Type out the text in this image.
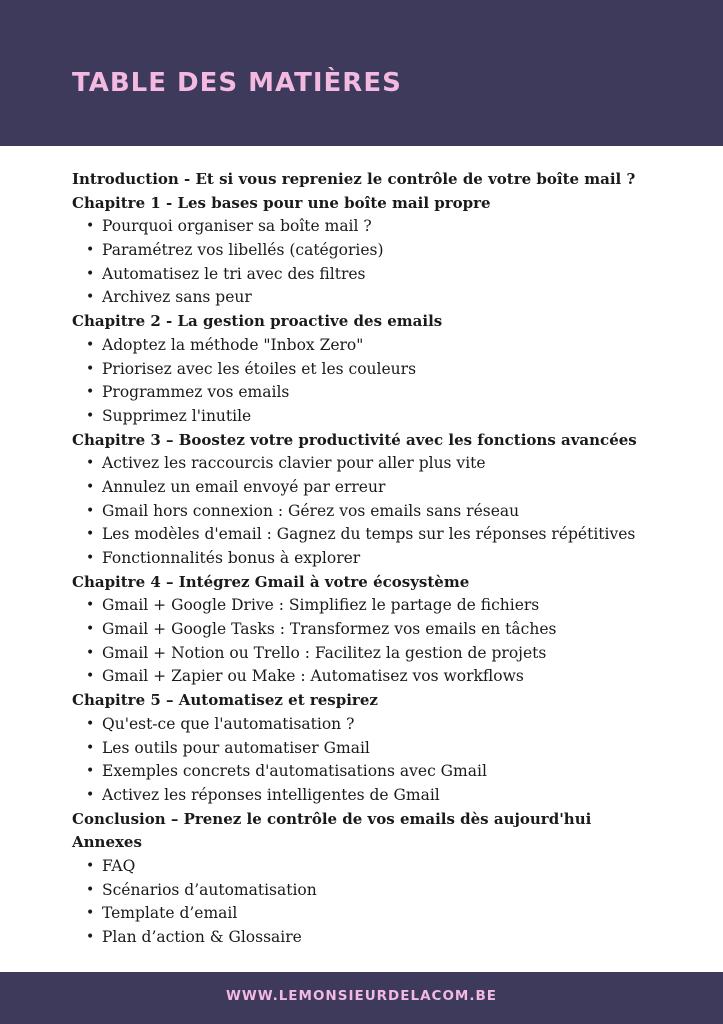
TABLE DES MATIÈRES
Introduction - Et si vous repreniez le contrôle de votre boîte mail ?
Chapitre 1 - Les bases pour une boîte mail propre
• Pourquoi organiser sa boîte mail ?
• Paramétrez vos libellés (catégories)
• Automatisez le tri avec des filtres
• Archivez sans peur
Chapitre 2 - La gestion proactive des emails
• Adoptez la méthode "Inbox Zero"
• Priorisez avec les étoiles et les couleurs
• Programmez vos emails
• Supprimez l'inutile
Chapitre 3 – Boostez votre productivité avec les fonctions avancées
• Activez les raccourcis clavier pour aller plus vite
• Annulez un email envoyé par erreur
• Gmail hors connexion : Gérez vos emails sans réseau
• Les modèles d'email : Gagnez du temps sur les réponses répétitives
• Fonctionnalités bonus à explorer
Chapitre 4 – Intégrez Gmail à votre écosystème
• Gmail + Google Drive : Simplifiez le partage de fichiers
• Gmail + Google Tasks : Transformez vos emails en tâches
• Gmail + Notion ou Trello : Facilitez la gestion de projets
• Gmail + Zapier ou Make : Automatisez vos workflows
Chapitre 5 – Automatisez et respirez
• Qu'est-ce que l'automatisation ?
• Les outils pour automatiser Gmail
• Exemples concrets d'automatisations avec Gmail
• Activez les réponses intelligentes de Gmail
Conclusion – Prenez le contrôle de vos emails dès aujourd'hui
Annexes
• FAQ
• Scénarios d’automatisation
• Template d’email
• Plan d’action & Glossaire
WWW.LEMONSIEURDELACOM.BE
